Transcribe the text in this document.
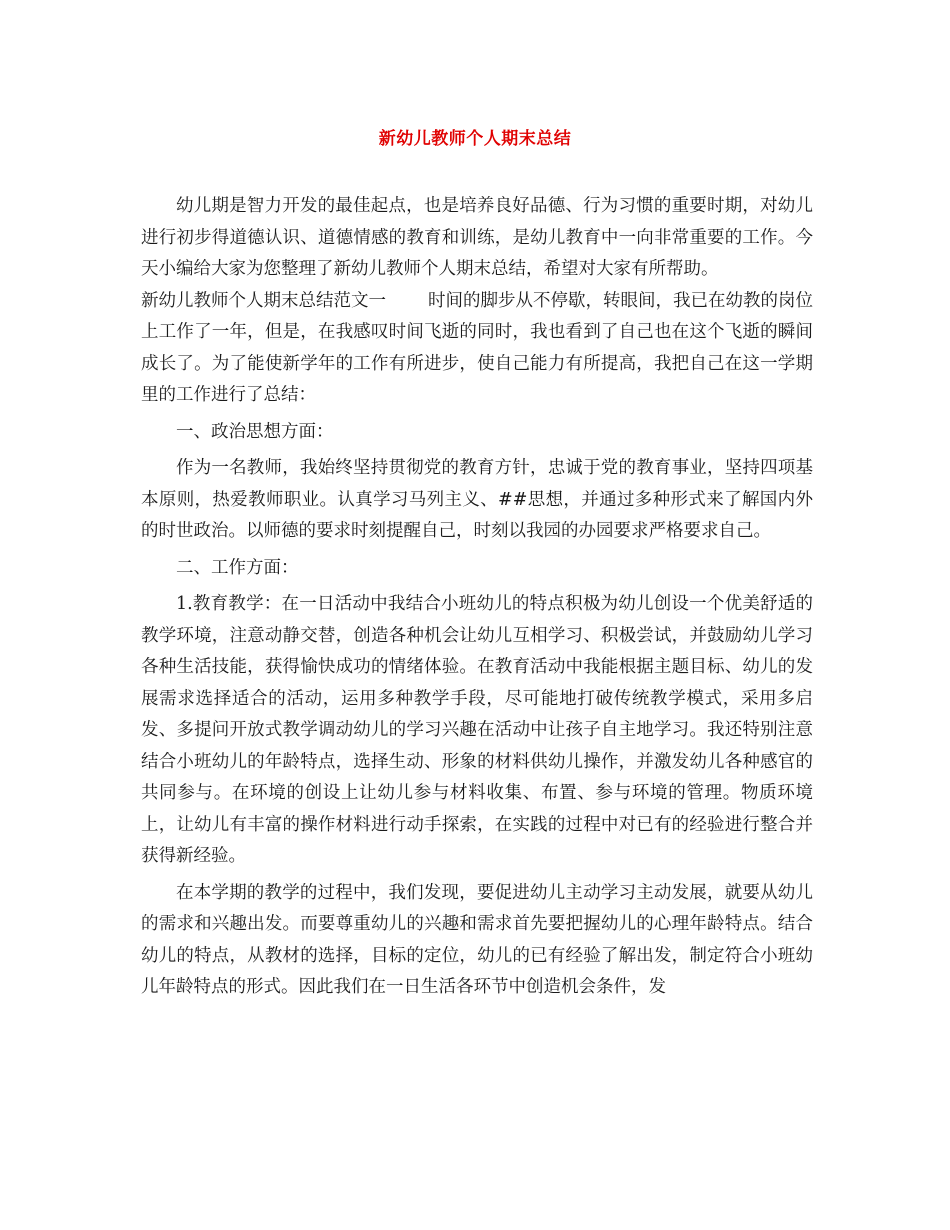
新幼儿教师个人期末总结

幼儿期是智力开发的最佳起点，也是培养良好品德、行为习惯的重要时期，对幼儿进行初步得道德认识、道德情感的教育和训练，是幼儿教育中一向非常重要的工作。今天小编给大家为您整理了新幼儿教师个人期末总结，希望对大家有所帮助。

新幼儿教师个人期末总结范文一 时间的脚步从不停歇，转眼间，我已在幼教的岗位上工作了一年，但是，在我感叹时间飞逝的同时，我也看到了自己也在这个飞逝的瞬间成长了。为了能使新学年的工作有所进步，使自己能力有所提高，我把自己在这一学期里的工作进行了总结：

一、政治思想方面：

作为一名教师，我始终坚持贯彻党的教育方针，忠诚于党的教育事业，坚持四项基本原则，热爱教师职业。认真学习马列主义、##思想，并通过多种形式来了解国内外的时世政治。以师德的要求时刻提醒自己，时刻以我园的办园要求严格要求自己。

二、工作方面：

1.教育教学：在一日活动中我结合小班幼儿的特点积极为幼儿创设一个优美舒适的教学环境，注意动静交替，创造各种机会让幼儿互相学习、积极尝试，并鼓励幼儿学习各种生活技能，获得愉快成功的情绪体验。在教育活动中我能根据主题目标、幼儿的发展需求选择适合的活动，运用多种教学手段，尽可能地打破传统教学模式，采用多启发、多提问开放式教学调动幼儿的学习兴趣在活动中让孩子自主地学习。我还特别注意结合小班幼儿的年龄特点，选择生动、形象的材料供幼儿操作，并激发幼儿各种感官的共同参与。在环境的创设上让幼儿参与材料收集、布置、参与环境的管理。物质环境上，让幼儿有丰富的操作材料进行动手探索，在实践的过程中对已有的经验进行整合并获得新经验。

在本学期的教学的过程中，我们发现，要促进幼儿主动学习主动发展，就要从幼儿的需求和兴趣出发。而要尊重幼儿的兴趣和需求首先要把握幼儿的心理年龄特点。结合幼儿的特点，从教材的选择，目标的定位，幼儿的已有经验了解出发，制定符合小班幼儿年龄特点的形式。因此我们在一日生活各环节中创造机会条件，发
